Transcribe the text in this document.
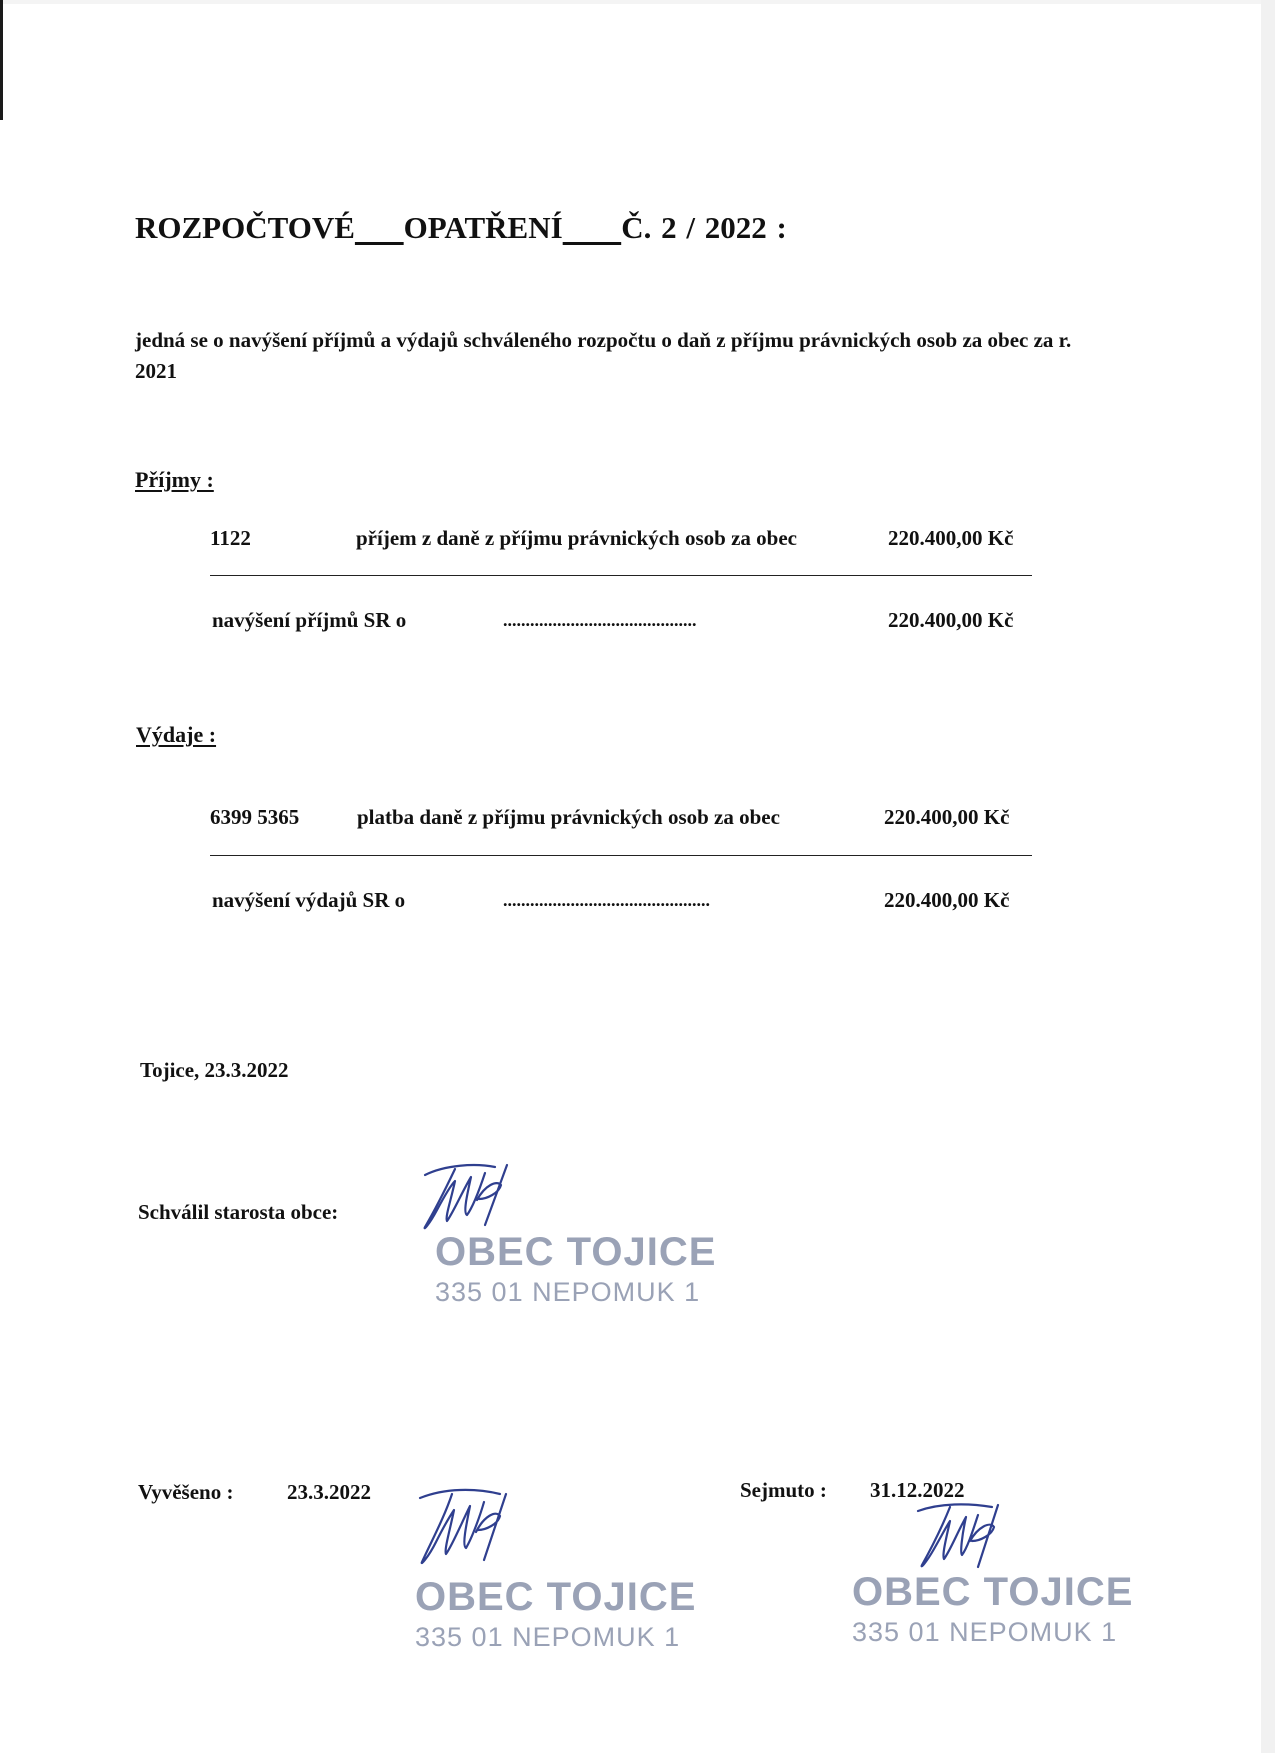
ROZPOČTOVÉ OPATŘENÍ Č. 2 / 2022 :
jedná se o navýšení příjmů a výdajů schváleného rozpočtu o daň z příjmu právnických osob za obec za r. 2021
Příjmy :
1122	příjem z daně z příjmu právnických osob za obec	220.400,00 Kč
navýšení příjmů SR o	...........................................	220.400,00 Kč
Výdaje :
6399 5365	platba daně z příjmu právnických osob za obec	220.400,00 Kč
navýšení výdajů SR o	..............................................	220.400,00 Kč
Tojice, 23.3.2022
Schválil starosta obce:
OBEC TOJICE
335 01 NEPOMUK 1
Vyvěšeno :	23.3.2022	Sejmuto : 31.12.2022
OBEC TOJICE
335 01 NEPOMUK 1
OBEC TOJICE
335 01 NEPOMUK 1
